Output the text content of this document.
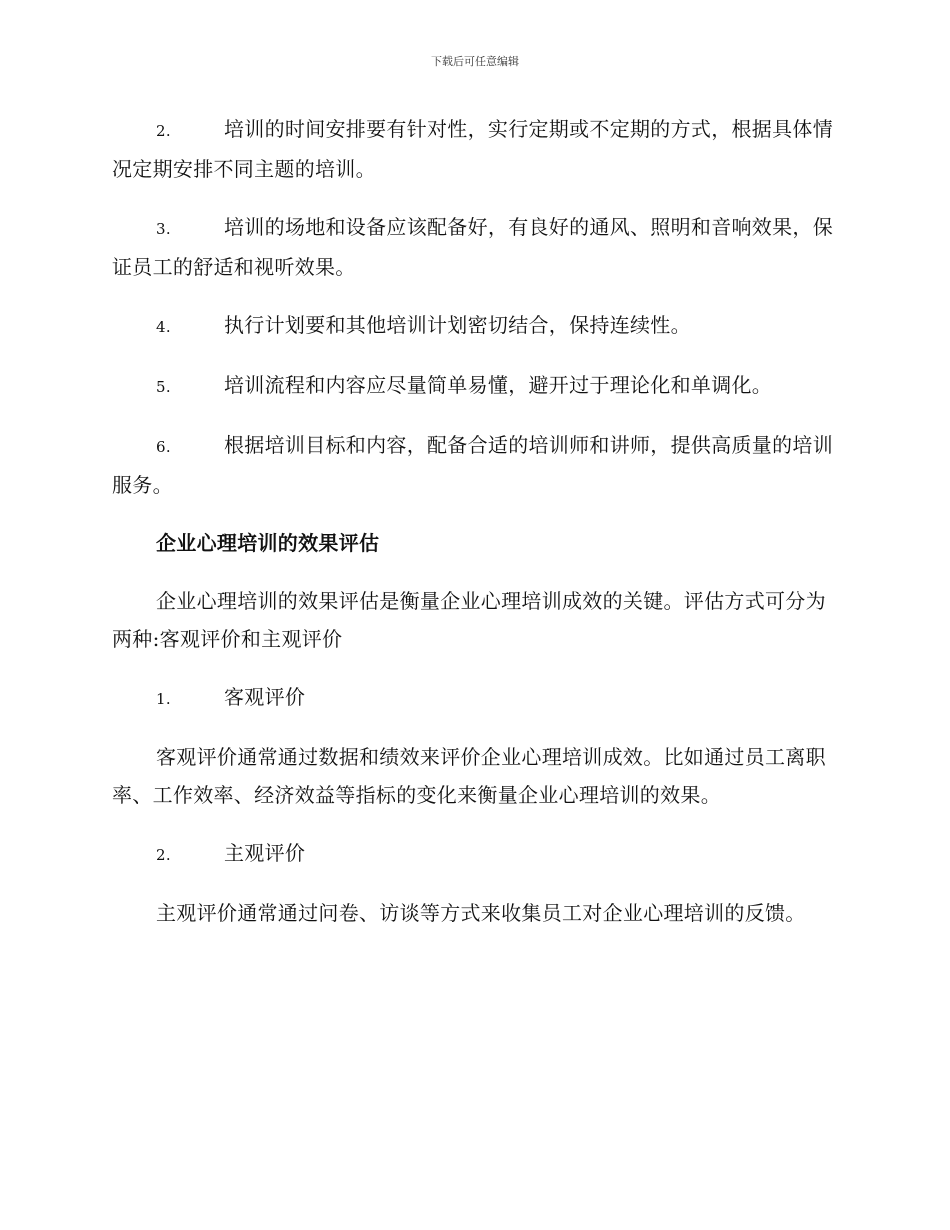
下载后可任意编辑

2.	培训的时间安排要有针对性，实行定期或不定期的方式，根据具体情况定期安排不同主题的培训。

3.	培训的场地和设备应该配备好，有良好的通风、照明和音响效果，保证员工的舒适和视听效果。

4.	执行计划要和其他培训计划密切结合，保持连续性。

5.	培训流程和内容应尽量简单易懂，避开过于理论化和单调化。

6.	根据培训目标和内容，配备合适的培训师和讲师，提供高质量的培训服务。

企业心理培训的效果评估

企业心理培训的效果评估是衡量企业心理培训成效的关键。评估方式可分为两种:客观评价和主观评价

1.	客观评价

客观评价通常通过数据和绩效来评价企业心理培训成效。比如通过员工离职率、工作效率、经济效益等指标的变化来衡量企业心理培训的效果。

2.	主观评价

主观评价通常通过问卷、访谈等方式来收集员工对企业心理培训的反馈。
